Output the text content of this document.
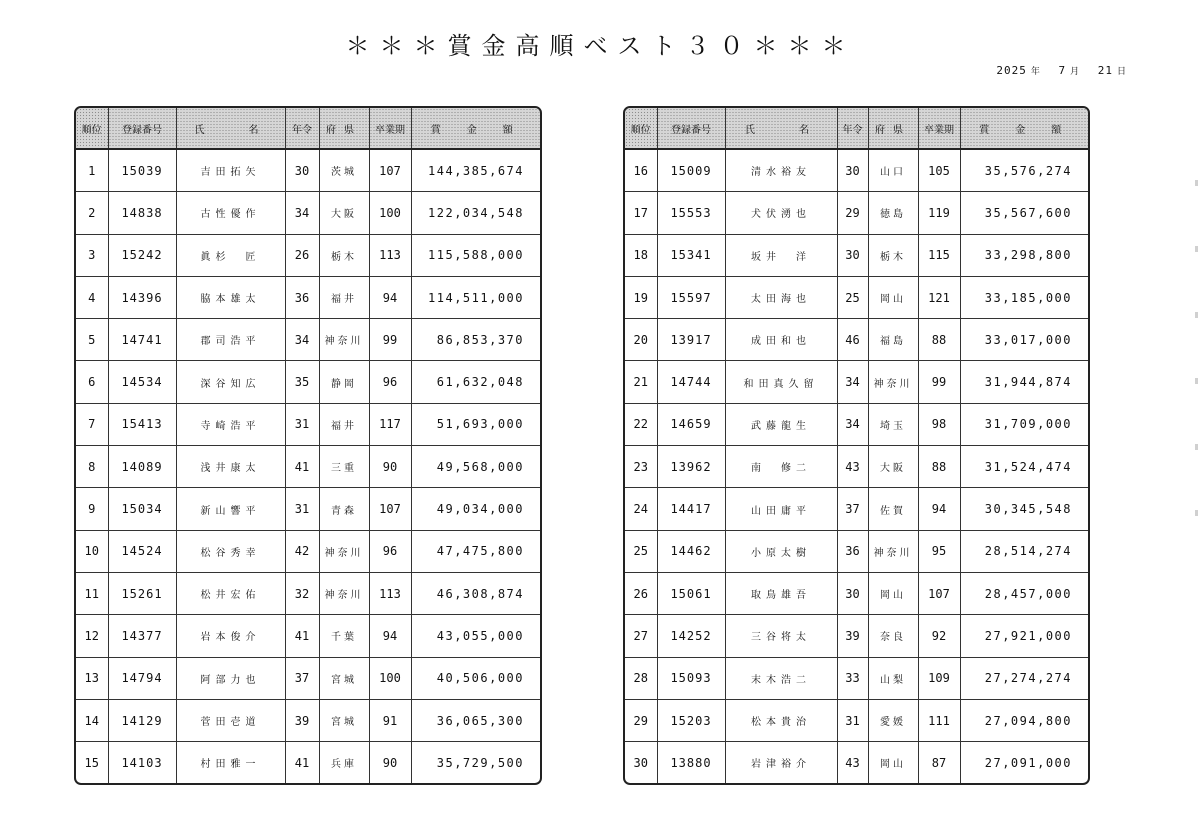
＊＊＊賞金高順ベスト３０＊＊＊
2025 年 7 月 21 日
順位	登録番号	氏　　名	年令	府県	卒業期	賞　金　額
1	15039	吉田拓矢	30	茨城	107	144,385,674
2	14838	古性優作	34	大阪	100	122,034,548
3	15242	眞杉　匠	26	栃木	113	115,588,000
4	14396	脇本雄太	36	福井	94	114,511,000
5	14741	郡司浩平	34	神奈川	99	86,853,370
6	14534	深谷知広	35	静岡	96	61,632,048
7	15413	寺崎浩平	31	福井	117	51,693,000
8	14089	浅井康太	41	三重	90	49,568,000
9	15034	新山響平	31	青森	107	49,034,000
10	14524	松谷秀幸	42	神奈川	96	47,475,800
11	15261	松井宏佑	32	神奈川	113	46,308,874
12	14377	岩本俊介	41	千葉	94	43,055,000
13	14794	阿部力也	37	宮城	100	40,506,000
14	14129	菅田壱道	39	宮城	91	36,065,300
15	14103	村田雅一	41	兵庫	90	35,729,500
順位	登録番号	氏　　名	年令	府県	卒業期	賞　金　額
16	15009	清水裕友	30	山口	105	35,576,274
17	15553	犬伏湧也	29	徳島	119	35,567,600
18	15341	坂井　洋	30	栃木	115	33,298,800
19	15597	太田海也	25	岡山	121	33,185,000
20	13917	成田和也	46	福島	88	33,017,000
21	14744	和田真久留	34	神奈川	99	31,944,874
22	14659	武藤龍生	34	埼玉	98	31,709,000
23	13962	南　修二	43	大阪	88	31,524,474
24	14417	山田庸平	37	佐賀	94	30,345,548
25	14462	小原太樹	36	神奈川	95	28,514,274
26	15061	取鳥雄吾	30	岡山	107	28,457,000
27	14252	三谷将太	39	奈良	92	27,921,000
28	15093	末木浩二	33	山梨	109	27,274,274
29	15203	松本貴治	31	愛媛	111	27,094,800
30	13880	岩津裕介	43	岡山	87	27,091,000
